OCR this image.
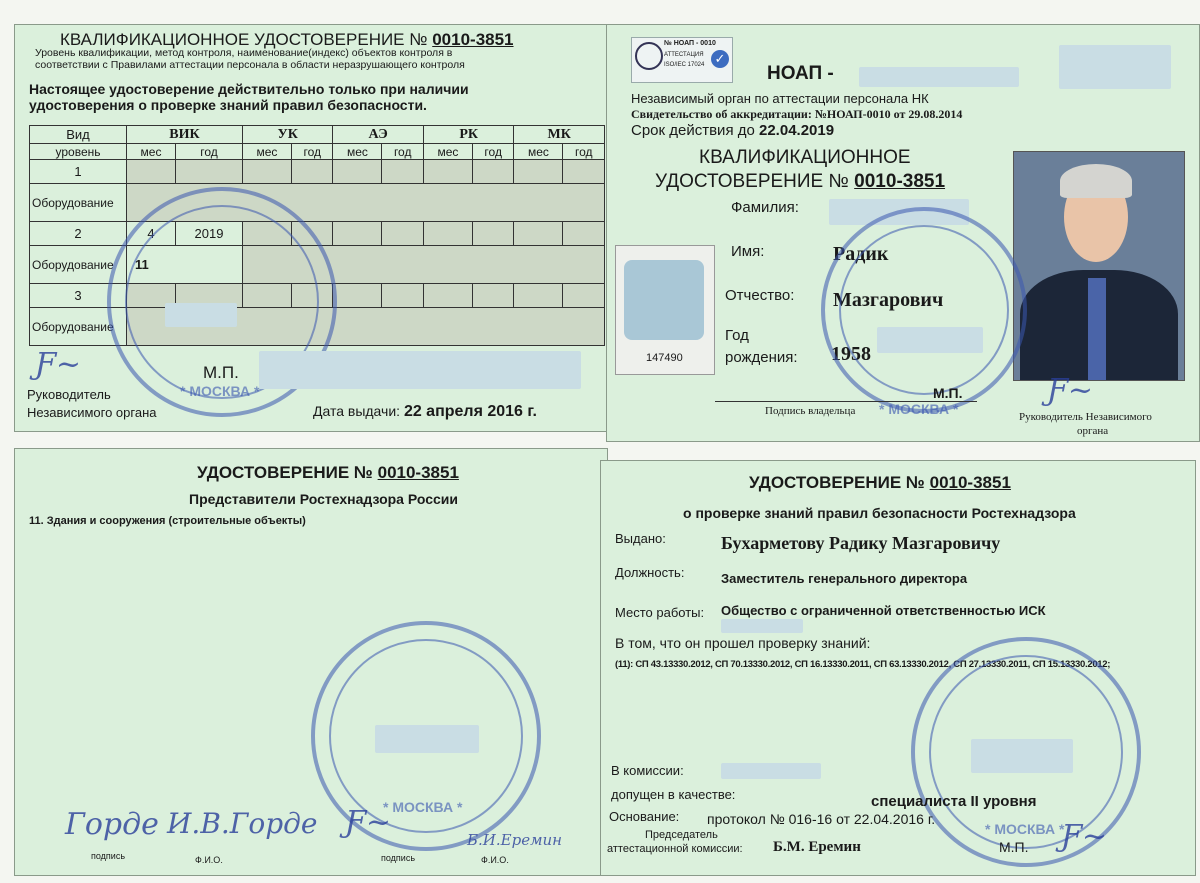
КВАЛИФИКАЦИОННОЕ УДОСТОВЕРЕНИЕ № 0010-3851
Уровень квалификации, метод контроля, наименование(индекс) объектов контроля в
соответствии с Правилами аттестации персонала в области неразрушающего контроля
Настоящее удостоверение действительно только при наличии
удостоверения о проверке знаний правил безопасности.
Вид	ВИК		УК		АЭ		РК		МК	
уровень	мес	год	мес	год	мес	год	мес	год	мес	год
1										
Оборудование										
2	4	2019								
Оборудование	11									
3										
Оборудование										
* МОСКВА *
Ƒ~	М.П.
Руководитель
Независимого органа	Дата выдачи: 22 апреля 2016 г.
№ НОАП - 0010
АТТЕСТАЦИЯ
ISO/IEC 17024 ✓
НОАП -
Независимый орган по аттестации персонала НК
Свидетельство об аккредитации: №НОАП-0010 от 29.08.2014
Срок действия до 22.04.2019
КВАЛИФИКАЦИОННОЕ
УДОСТОВЕРЕНИЕ № 0010-3851
Фамилия:
Имя:	Радик
Отчество: Мазгарович
Год
рождения: 1958
147490
* МОСКВА *
М.П.
Подпись владельца
Ƒ~
Руководитель Независимого
органа
УДОСТОВЕРЕНИЕ № 0010-3851
Представители Ростехнадзора России
11. Здания и сооружения (строительные объекты)
* МОСКВА *
Горде И.В.Горде Ƒ~	Б.И.Еремин
подпись	Ф.И.О.	подпись	Ф.И.О.
УДОСТОВЕРЕНИЕ № 0010-3851
о проверке знаний правил безопасности Ростехнадзора
Выдано:	Бухарметову Радику Мазгаровичу
Должность:	Заместитель генерального директора
Место работы: Общество с ограниченной ответственностью ИСК
В том, что он прошел проверку знаний:
(11): СП 43.13330.2012, СП 70.13330.2012, СП 16.13330.2011, СП 63.13330.2012, СП 27.13330.2011, СП 15.13330.2012;
* МОСКВА *
В комиссии:
допущен в качестве:	специалиста II уровня
Основание: протокол № 016-16 от 22.04.2016 г.
Председатель
аттестационной комиссии: Б.М. Еремин	М.П. Ƒ~
